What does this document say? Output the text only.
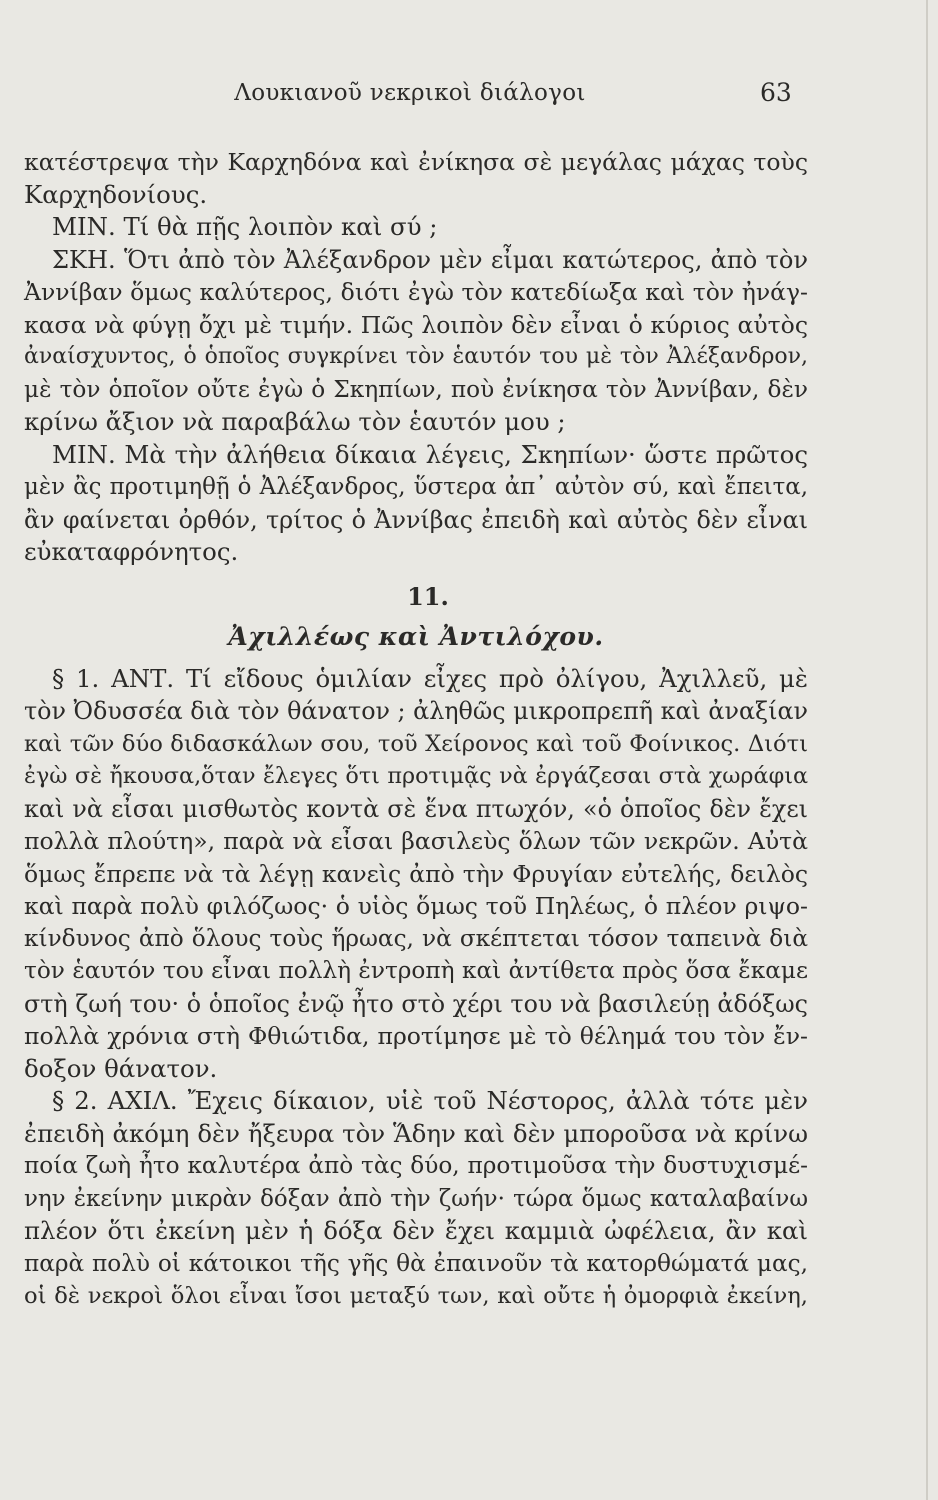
Λουκιανοῦ νεκρικοὶ διάλογοι	63
κατέστρεψα τὴν Καρχηδόνα καὶ ἐνίκησα σὲ μεγάλας μάχας τοὺς
Καρχηδονίους.
ΜΙΝ. Τί θὰ πῇς λοιπὸν καὶ σύ ;
ΣΚΗ. Ὅτι ἀπὸ τὸν Ἀλέξανδρον μὲν εἶμαι κατώτερος, ἀπὸ τὸν
Ἀννίβαν ὅμως καλύτερος, διότι ἐγὼ τὸν κατεδίωξα καὶ τὸν ἠνάγ-
κασα νὰ φύγῃ ὄχι μὲ τιμήν. Πῶς λοιπὸν δὲν εἶναι ὁ κύριος αὐτὸς
ἀναίσχυντος, ὁ ὁποῖος συγκρίνει τὸν ἑαυτόν του μὲ τὸν Ἀλέξανδρον,
μὲ τὸν ὁποῖον οὔτε ἐγὼ ὁ Σκηπίων, ποὺ ἐνίκησα τὸν Ἀννίβαν, δὲν
κρίνω ἄξιον νὰ παραβάλω τὸν ἑαυτόν μου ;
ΜΙΝ. Μὰ τὴν ἀλήθεια δίκαια λέγεις, Σκηπίων· ὥστε πρῶτος
μὲν ἂς προτιμηθῇ ὁ Ἀλέξανδρος, ὕστερα ἀπ᾽ αὐτὸν σύ, καὶ ἔπειτα,
ἂν φαίνεται ὀρθόν, τρίτος ὁ Ἀννίβας ἐπειδὴ καὶ αὐτὸς δὲν εἶναι
εὐκαταφρόνητος.
11.
Ἀχιλλέως καὶ Ἀντιλόχου.
§ 1. ΑΝΤ. Τί εἴδους ὁμιλίαν εἶχες πρὸ ὀλίγου, Ἀχιλλεῦ, μὲ
τὸν Ὀδυσσέα διὰ τὸν θάνατον ; ἀληθῶς μικροπρεπῆ καὶ ἀναξίαν
καὶ τῶν δύο διδασκάλων σου, τοῦ Χείρονος καὶ τοῦ Φοίνικος. Διότι
ἐγὼ σὲ ἤκουσα,ὅταν ἔλεγες ὅτι προτιμᾷς νὰ ἐργάζεσαι στὰ χωράφια
καὶ νὰ εἶσαι μισθωτὸς κοντὰ σὲ ἕνα πτωχόν, «ὁ ὁποῖος δὲν ἔχει
πολλὰ πλούτη», παρὰ νὰ εἶσαι βασιλεὺς ὅλων τῶν νεκρῶν. Αὐτὰ
ὅμως ἔπρεπε νὰ τὰ λέγῃ κανεὶς ἀπὸ τὴν Φρυγίαν εὐτελής, δειλὸς
καὶ παρὰ πολὺ φιλόζωος· ὁ υἱὸς ὅμως τοῦ Πηλέως, ὁ πλέον ριψο-
κίνδυνος ἀπὸ ὅλους τοὺς ἥρωας, νὰ σκέπτεται τόσον ταπεινὰ διὰ
τὸν ἑαυτόν του εἶναι πολλὴ ἐντροπὴ καὶ ἀντίθετα πρὸς ὅσα ἔκαμε
στὴ ζωή του· ὁ ὁποῖος ἐνῷ ἦτο στὸ χέρι του νὰ βασιλεύῃ ἀδόξως
πολλὰ χρόνια στὴ Φθιώτιδα, προτίμησε μὲ τὸ θέλημά του τὸν ἔν-
δοξον θάνατον.
§ 2. ΑΧΙΛ. Ἔχεις δίκαιον, υἱὲ τοῦ Νέστορος, ἀλλὰ τότε μὲν
ἐπειδὴ ἀκόμη δὲν ἤξευρα τὸν Ἅδην καὶ δὲν μποροῦσα νὰ κρίνω
ποία ζωὴ ἦτο καλυτέρα ἀπὸ τὰς δύο, προτιμοῦσα τὴν δυστυχισμέ-
νην ἐκείνην μικρὰν δόξαν ἀπὸ τὴν ζωήν· τώρα ὅμως καταλαβαίνω
πλέον ὅτι ἐκείνη μὲν ἡ δόξα δὲν ἔχει καμμιὰ ὠφέλεια, ἂν καὶ
παρὰ πολὺ οἱ κάτοικοι τῆς γῆς θὰ ἐπαινοῦν τὰ κατορθώματά μας,
οἱ δὲ νεκροὶ ὅλοι εἶναι ἴσοι μεταξύ των, καὶ οὔτε ἡ ὀμορφιὰ ἐκείνη,
